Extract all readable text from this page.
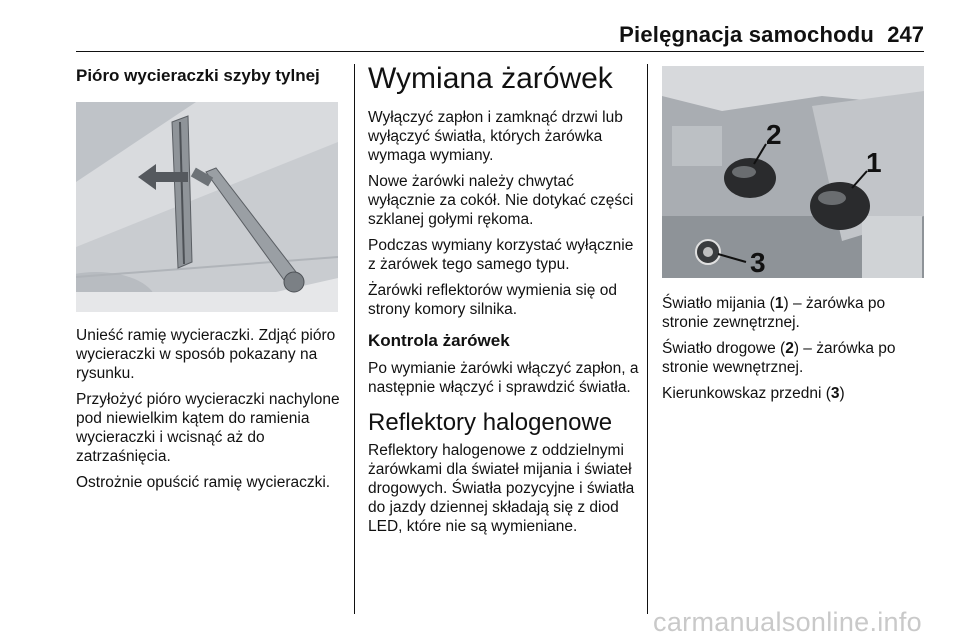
Pielęgnacja samochodu 247
Pióro wycieraczki szyby tylnej

Unieść ramię wycieraczki. Zdjąć pióro wycieraczki w sposób pokazany na rysunku.

Przyłożyć pióro wycieraczki nachylone pod niewielkim kątem do ramienia wycieraczki i wcisnąć aż do zatrzaśnięcia.

Ostrożnie opuścić ramię wycieraczki.

Wymiana żarówek

Wyłączyć zapłon i zamknąć drzwi lub wyłączyć światła, których żarówka wymaga wymiany.

Nowe żarówki należy chwytać wyłącznie za cokół. Nie dotykać części szklanej gołymi rękoma.

Podczas wymiany korzystać wyłącznie z żarówek tego samego typu.

Żarówki reflektorów wymienia się od strony komory silnika.

Kontrola żarówek

Po wymianie żarówki włączyć zapłon, a następnie włączyć i sprawdzić światła.

Reflektory halogenowe

Reflektory halogenowe z oddzielnymi żarówkami dla świateł mijania i świateł drogowych. Światła pozycyjne i światła do jazdy dziennej składają się z diod LED, które nie są wymieniane.

2
1
3

Światło mijania (1) – żarówka po stronie zewnętrznej.

Światło drogowe (2) – żarówka po stronie wewnętrznej.

Kierunkowskaz przedni (3)

carmanualsonline.info
